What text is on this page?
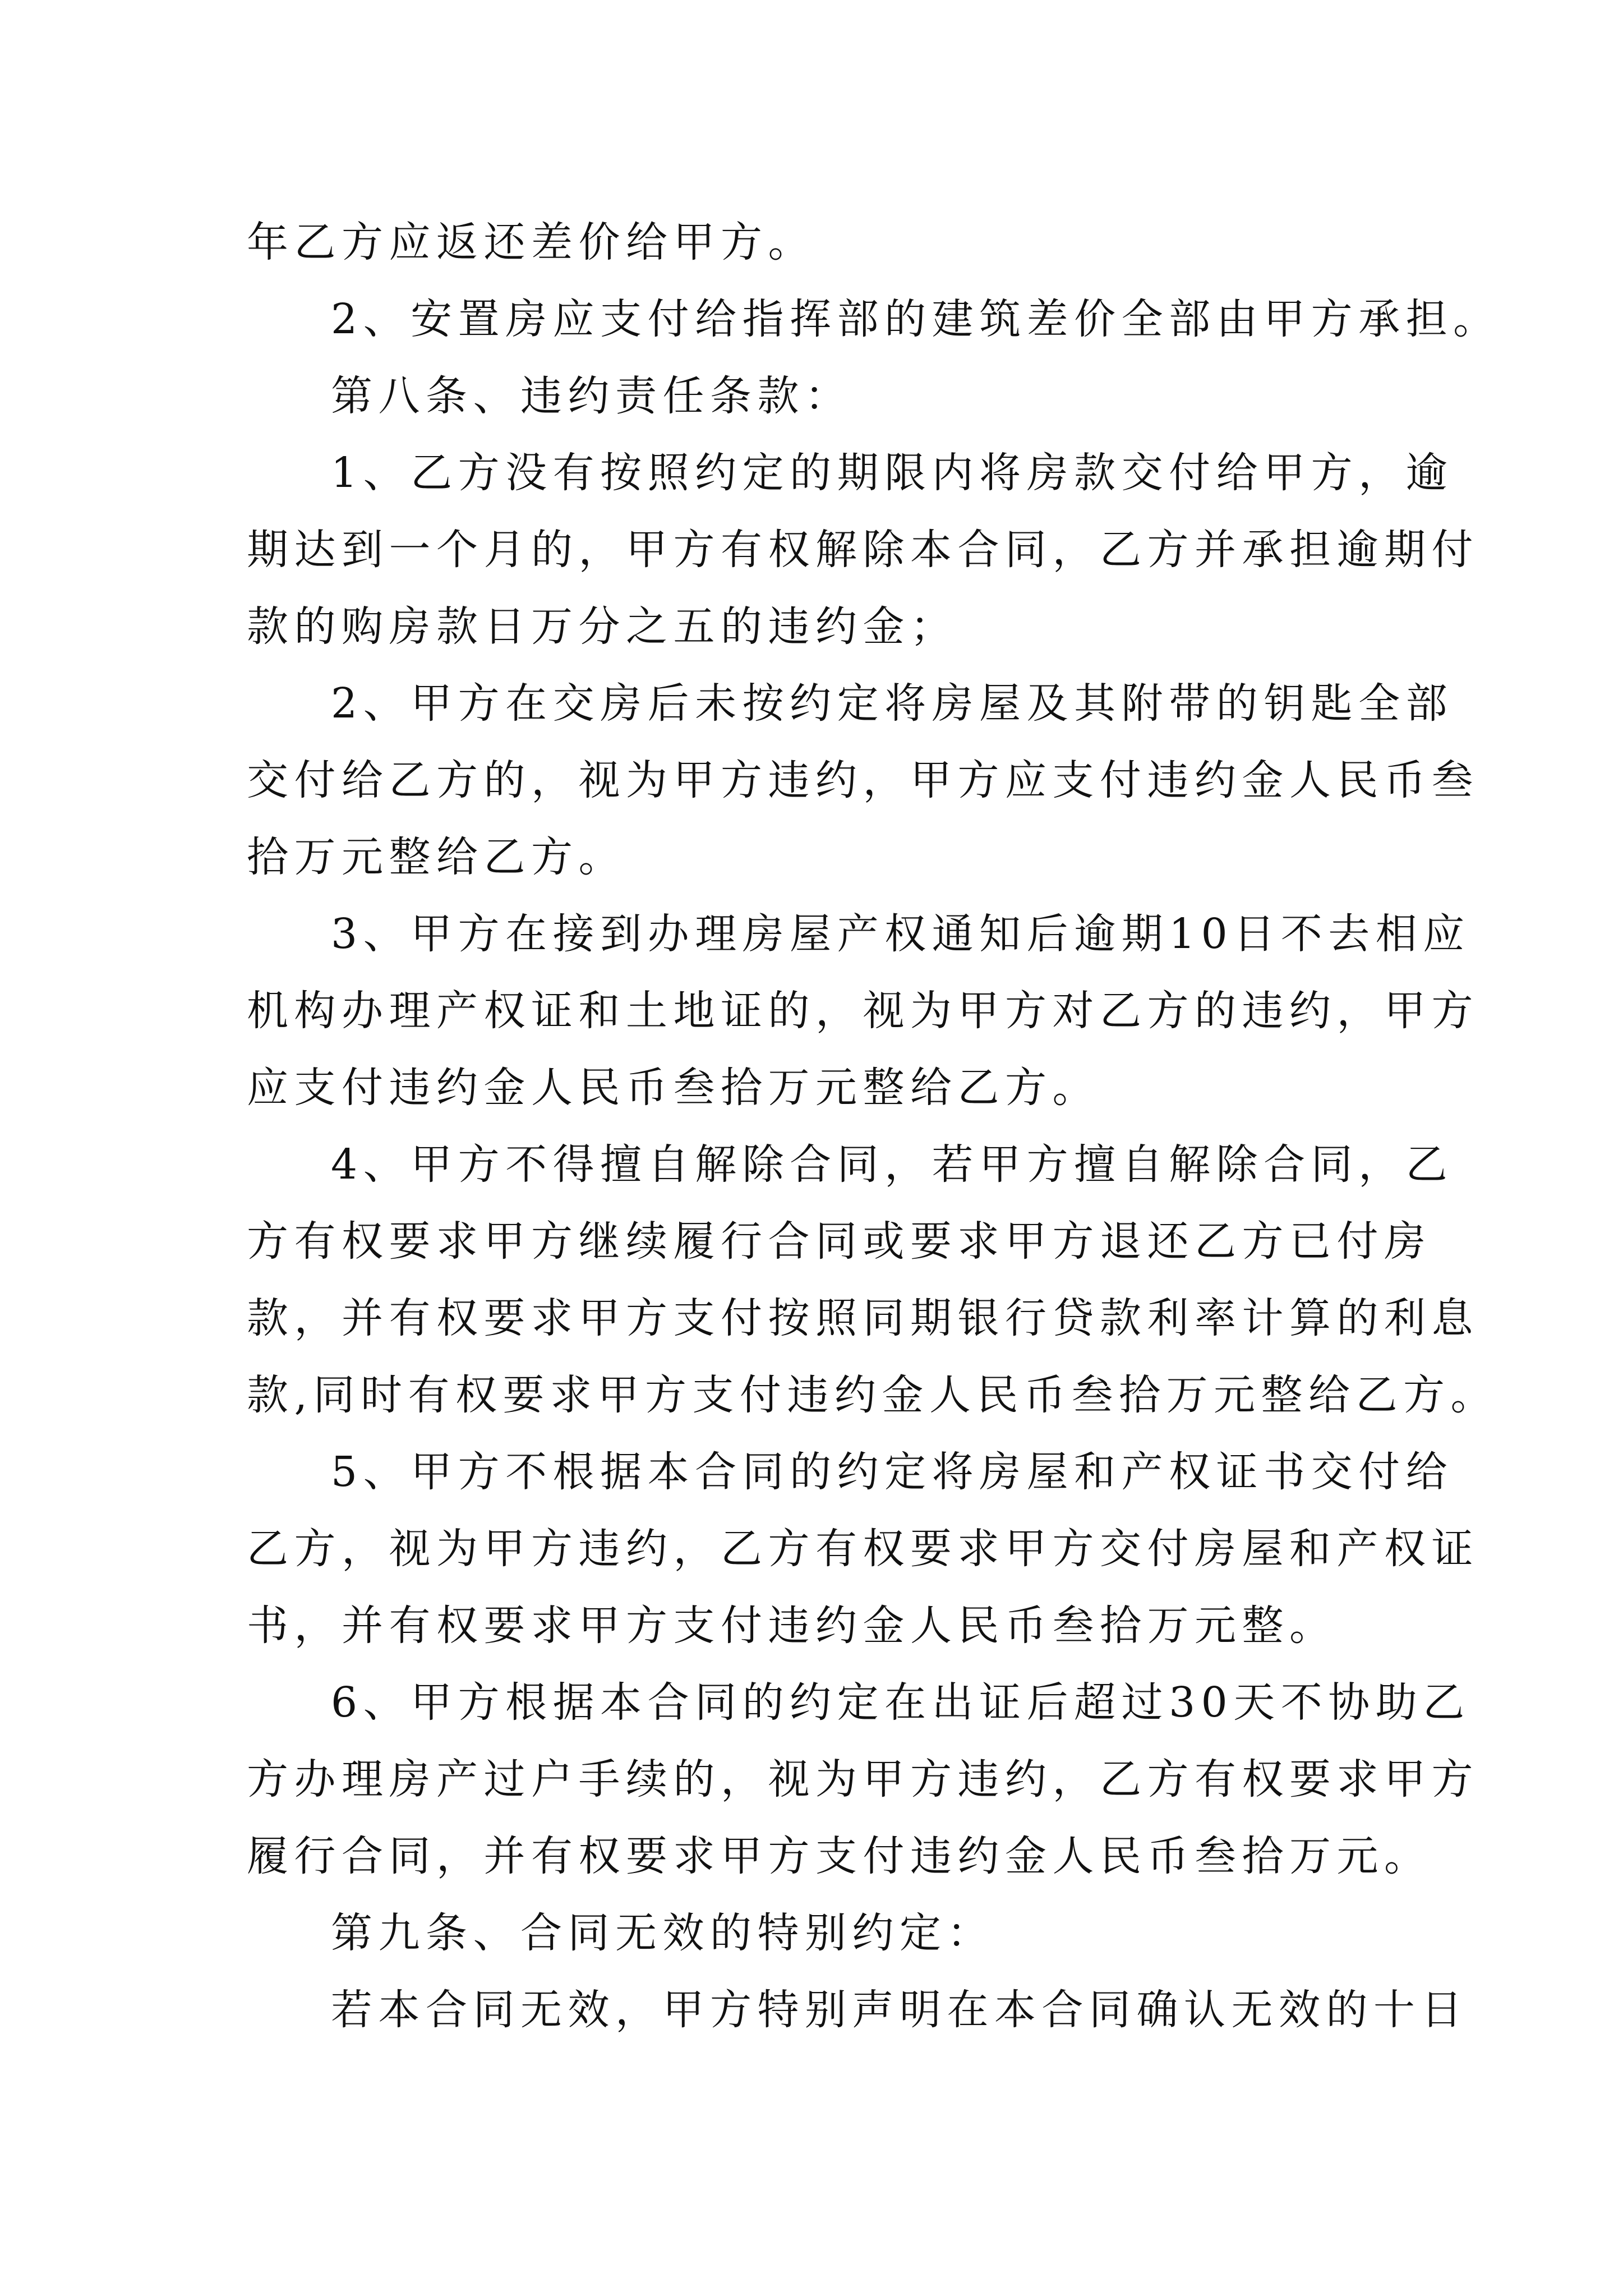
年乙方应返还差价给甲方。
2、安置房应支付给指挥部的建筑差价全部由甲方承担。
第八条、违约责任条款：
1、乙方没有按照约定的期限内将房款交付给甲方，逾
期达到一个月的，甲方有权解除本合同，乙方并承担逾期付
款的购房款日万分之五的违约金；
2、甲方在交房后未按约定将房屋及其附带的钥匙全部
交付给乙方的，视为甲方违约，甲方应支付违约金人民币叁
拾万元整给乙方。
3、甲方在接到办理房屋产权通知后逾期10日不去相应
机构办理产权证和土地证的，视为甲方对乙方的违约，甲方
应支付违约金人民币叁拾万元整给乙方。
4、甲方不得擅自解除合同，若甲方擅自解除合同，乙
方有权要求甲方继续履行合同或要求甲方退还乙方已付房
款，并有权要求甲方支付按照同期银行贷款利率计算的利息
款,同时有权要求甲方支付违约金人民币叁拾万元整给乙方。
5、甲方不根据本合同的约定将房屋和产权证书交付给
乙方，视为甲方违约，乙方有权要求甲方交付房屋和产权证
书，并有权要求甲方支付违约金人民币叁拾万元整。
6、甲方根据本合同的约定在出证后超过30天不协助乙
方办理房产过户手续的，视为甲方违约，乙方有权要求甲方
履行合同，并有权要求甲方支付违约金人民币叁拾万元。
第九条、合同无效的特别约定：
若本合同无效，甲方特别声明在本合同确认无效的十日
